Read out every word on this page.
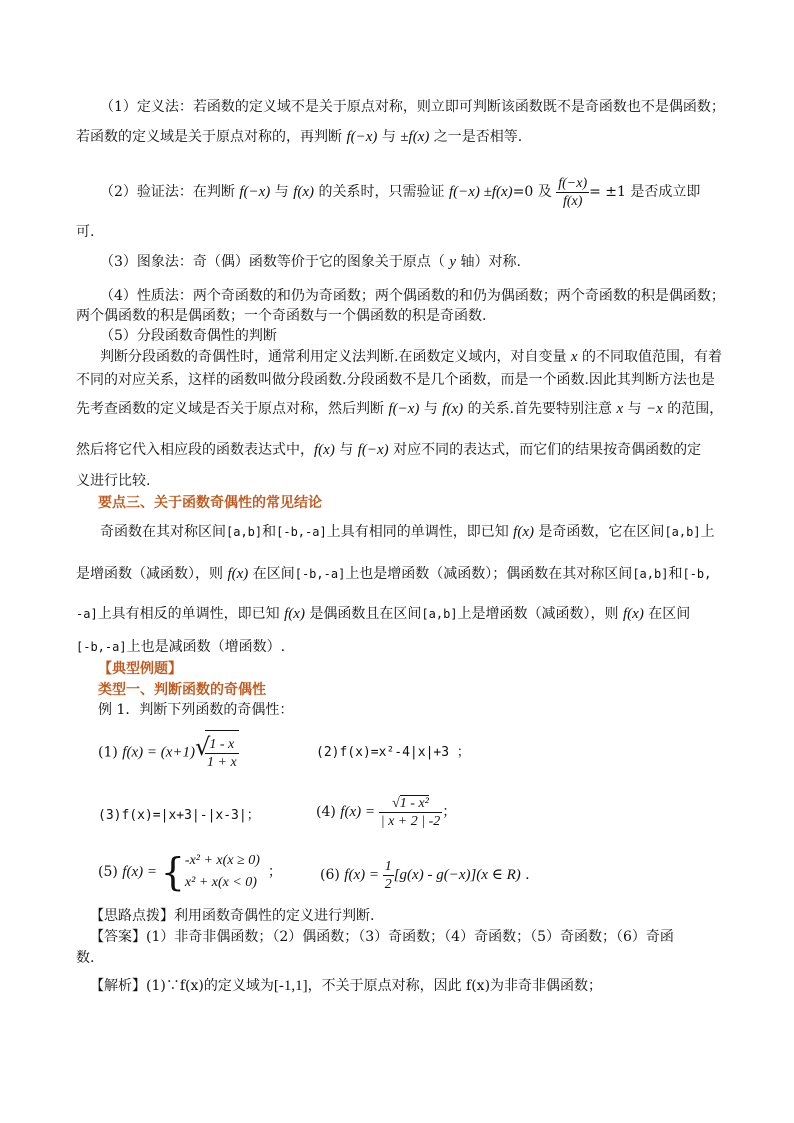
（1）定义法：若函数的定义域不是关于原点对称，则立即可判断该函数既不是奇函数也不是偶函数；
若函数的定义域是关于原点对称的，再判断 f(−x) 与 ±f(x) 之一是否相等.
（2）验证法：在判断 f(−x) 与 f(x) 的关系时，只需验证 f(−x) ±f(x)=0 及 $\frac{f(-x)}{f(x)} = \pm 1$ 是否成立即
可.
（3）图象法：奇（偶）函数等价于它的图象关于原点（ y 轴）对称.
（4）性质法：两个奇函数的和仍为奇函数；两个偶函数的和仍为偶函数；两个奇函数的积是偶函数；
两个偶函数的积是偶函数；一个奇函数与一个偶函数的积是奇函数.
（5）分段函数奇偶性的判断
判断分段函数的奇偶性时，通常利用定义法判断.在函数定义域内，对自变量 x 的不同取值范围，有着
不同的对应关系，这样的函数叫做分段函数.分段函数不是几个函数，而是一个函数.因此其判断方法也是
先考查函数的定义域是否关于原点对称，然后判断 f(−x) 与 f(x) 的关系.首先要特别注意 x 与 −x 的范围，
然后将它代入相应段的函数表达式中，f(x) 与 f(−x) 对应不同的表达式，而它们的结果按奇偶函数的定
义进行比较.
要点三、关于函数奇偶性的常见结论
奇函数在其对称区间[a,b]和[-b,-a]上具有相同的单调性，即已知 f(x) 是奇函数，它在区间[a,b]上
是增函数（减函数），则 f(x) 在区间[-b,-a]上也是增函数（减函数）；偶函数在其对称区间[a,b]和[-b,
-a]上具有相反的单调性，即已知 f(x) 是偶函数且在区间[a,b]上是增函数（减函数），则 f(x) 在区间
[-b,-a]上也是减函数（增函数）.
【典型例题】
类型一、判断函数的奇偶性
例 1．判断下列函数的奇偶性：
(1) f(x) = (x+1) √
$\frac{1 - x}{1 + x}$	(2)f(x)=x²-4|x|+3 ；
(3)f(x)=|x+3|-|x-3|；	(4) $f(x) = \frac{\text{√1 - x²}}{| x + 2 | -2}$ ；
(5) f(x) = { -x² + x(x ≥ 0)
x² + x(x < 0)
；	(6) $f(x) = \frac{1}{2} [g(x) - g(-x)](x$ ∈ R) .
【思路点拨】利用函数奇偶性的定义进行判断.
【答案】(1）非奇非偶函数；（2）偶函数；（3）奇函数；（4）奇函数；（5）奇函数；（6）奇函
数.
【解析】(1)∵f(x)的定义域为[-1,1]，不关于原点对称，因此 f(x)为非奇非偶函数；
